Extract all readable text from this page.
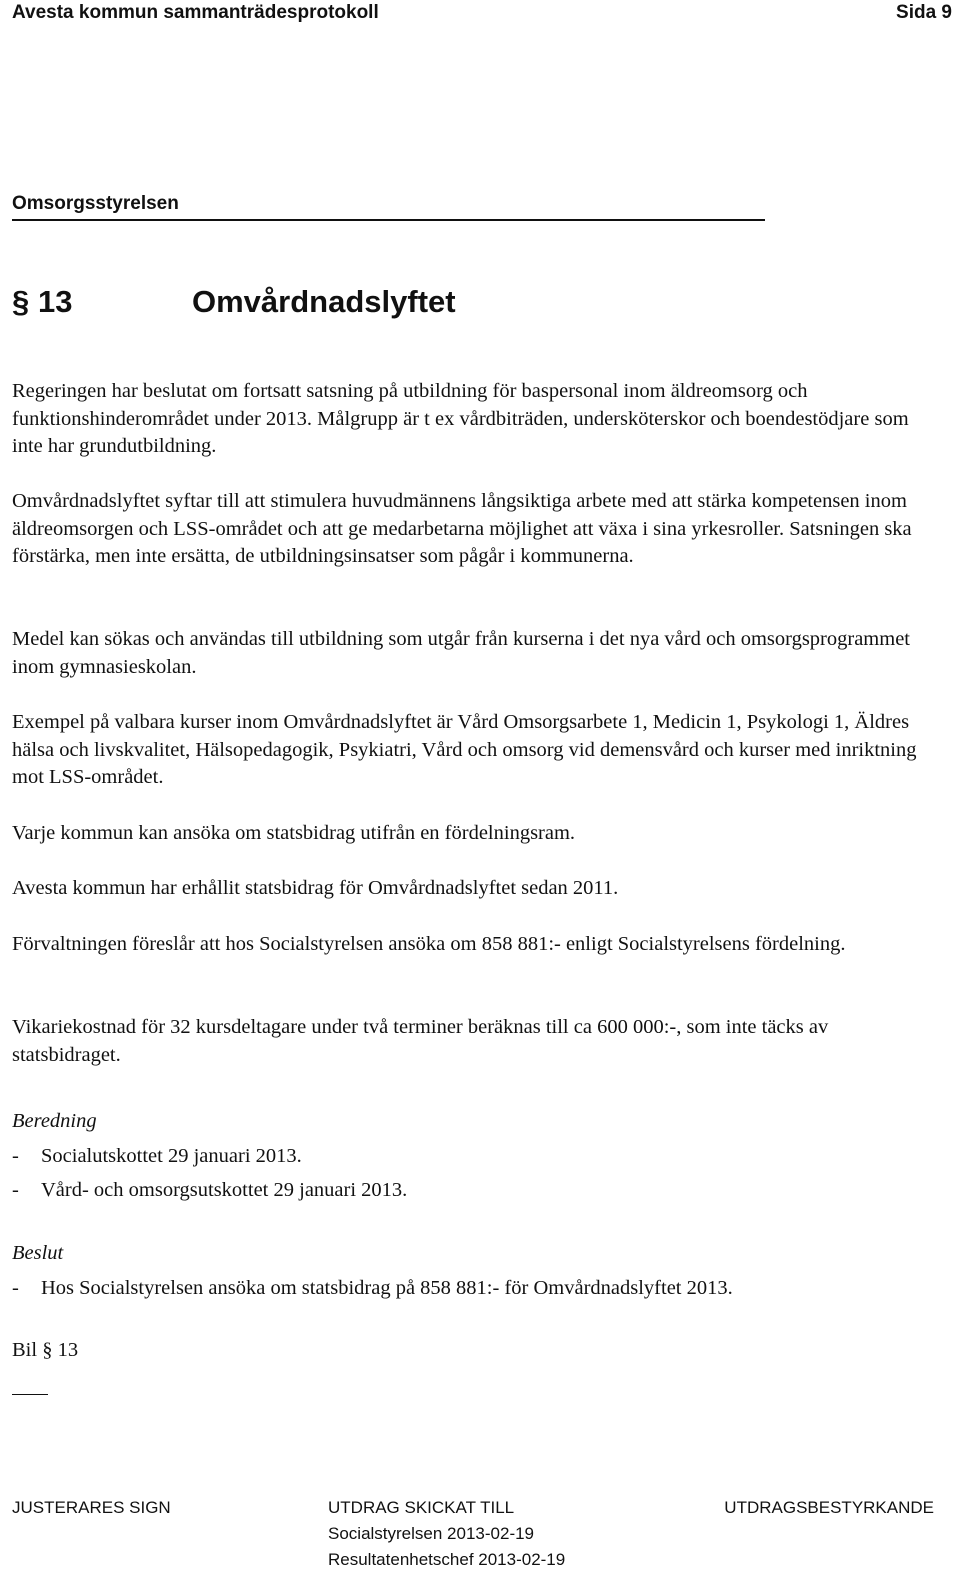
Avesta kommun sammanträdesprotokoll	Sida 9
Omsorgsstyrelsen
§ 13	Omvårdnadslyftet

Regeringen har beslutat om fortsatt satsning på utbildning för baspersonal inom äldreomsorg och funktionshinderområdet under 2013. Målgrupp är t ex vårdbiträden, undersköterskor och boendestödjare som inte har grundutbildning.

Omvårdnadslyftet syftar till att stimulera huvudmännens långsiktiga arbete med att stärka kompetensen inom äldreomsorgen och LSS-området och att ge medarbetarna möjlighet att växa i sina yrkesroller. Satsningen ska förstärka, men inte ersätta, de utbildningsinsatser som pågår i kommunerna.

Medel kan sökas och användas till utbildning som utgår från kurserna i det nya vård och omsorgsprogrammet inom gymnasieskolan.

Exempel på valbara kurser inom Omvårdnadslyftet är Vård Omsorgsarbete 1, Medicin 1, Psykologi 1, Äldres hälsa och livskvalitet, Hälsopedagogik, Psykiatri, Vård och omsorg vid demensvård och kurser med inriktning mot LSS-området.

Varje kommun kan ansöka om statsbidrag utifrån en fördelningsram.

Avesta kommun har erhållit statsbidrag för Omvårdnadslyftet sedan 2011.

Förvaltningen föreslår att hos Socialstyrelsen ansöka om 858 881:- enligt Socialstyrelsens fördelning.

Vikariekostnad för 32 kursdeltagare under två terminer beräknas till ca 600 000:-, som inte täcks av statsbidraget.

Beredning
- Socialutskottet 29 januari 2013.
- Vård- och omsorgsutskottet 29 januari 2013.
Beslut
- Hos Socialstyrelsen ansöka om statsbidrag på 858 881:- för Omvårdnadslyftet 2013.
Bil § 13
JUSTERARES SIGN	UTDRAG SKICKAT TILL
Socialstyrelsen 2013-02-19
Resultatenhetschef 2013-02-19
UTDRAGSBESTYRKANDE
